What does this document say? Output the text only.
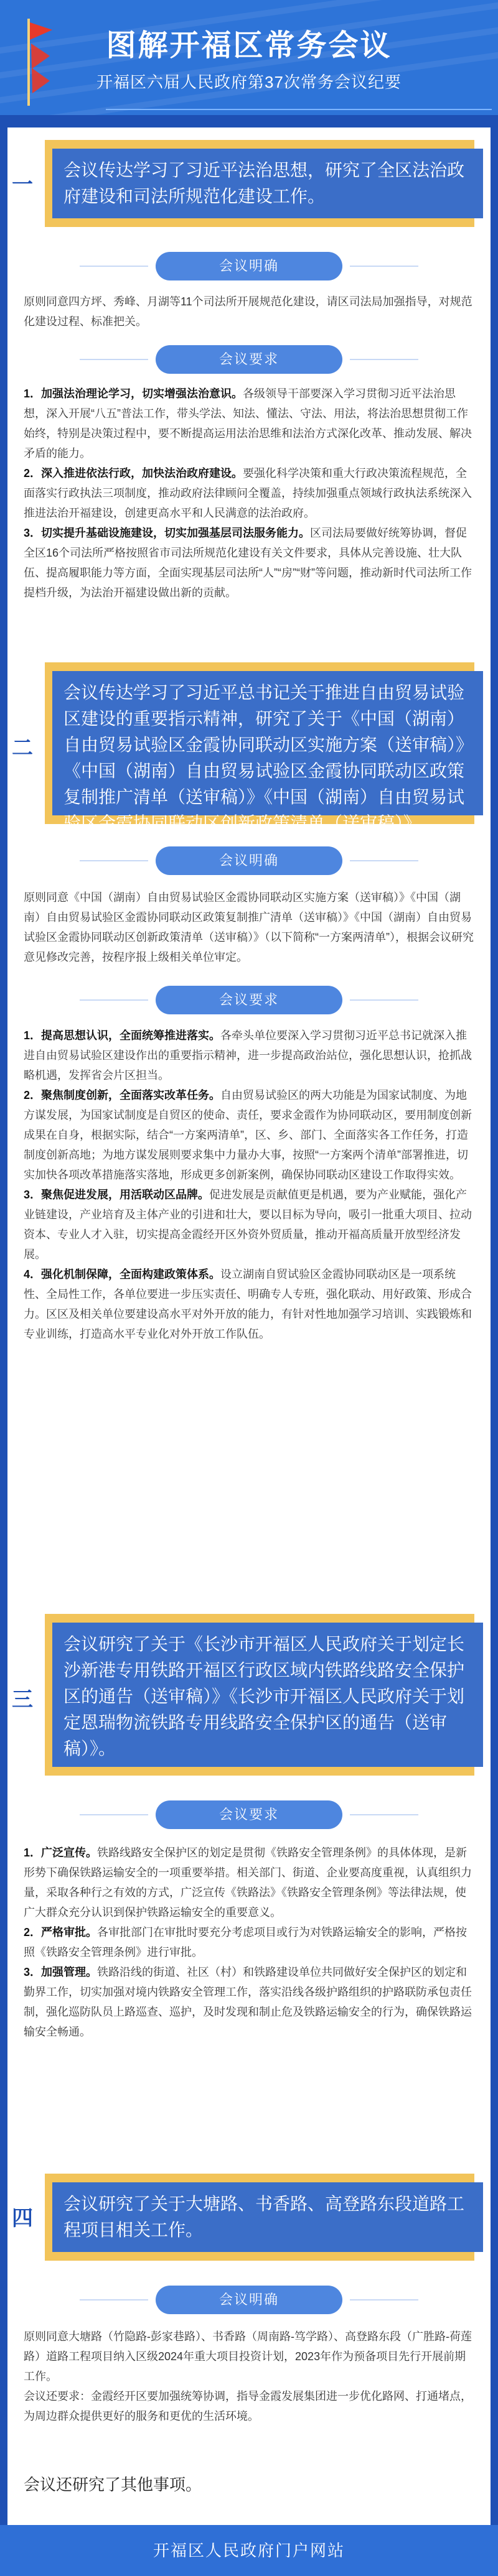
图解开福区常务会议
开福区六届人民政府第37次常务会议纪要
一
会议传达学习了习近平法治思想，研究了全区法治政府建设和司法所规范化建设工作。
会议明确
原则同意四方坪、秀峰、月湖等11个司法所开展规范化建设，请区司法局加强指导，对规范化建设过程、标准把关。
会议要求
1．加强法治理论学习，切实增强法治意识。各级领导干部要深入学习贯彻习近平法治思想，深入开展“八五”普法工作，带头学法、知法、懂法、守法、用法，将法治思想贯彻工作始终，特别是决策过程中，要不断提高运用法治思维和法治方式深化改革、推动发展、解决矛盾的能力。
2．深入推进依法行政，加快法治政府建设。要强化科学决策和重大行政决策流程规范，全面落实行政执法三项制度，推动政府法律顾问全覆盖，持续加强重点领域行政执法系统深入推进法治开福建设，创建更高水平和人民满意的法治政府。
3．切实提升基础设施建设，切实加强基层司法服务能力。区司法局要做好统筹协调，督促全区16个司法所严格按照省市司法所规范化建设有关文件要求，具体从完善设施、壮大队伍、提高履职能力等方面，全面实现基层司法所“人”“房”“财”等问题，推动新时代司法所工作提档升级，为法治开福建设做出新的贡献。
二
会议传达学习了习近平总书记关于推进自由贸易试验区建设的重要指示精神，研究了关于《中国（湖南）自由贸易试验区金霞协同联动区实施方案（送审稿）》《中国（湖南）自由贸易试验区金霞协同联动区政策复制推广清单（送审稿）》《中国（湖南）自由贸易试验区金霞协同联动区创新政策清单（送审稿）》。
会议明确
原则同意《中国（湖南）自由贸易试验区金霞协同联动区实施方案（送审稿）》《中国（湖南）自由贸易试验区金霞协同联动区政策复制推广清单（送审稿）》《中国（湖南）自由贸易试验区金霞协同联动区创新政策清单（送审稿）》（以下简称“一方案两清单”），根据会议研究意见修改完善，按程序报上级相关单位审定。
会议要求
1．提高思想认识，全面统筹推进落实。各牵头单位要深入学习贯彻习近平总书记就深入推进自由贸易试验区建设作出的重要指示精神，进一步提高政治站位，强化思想认识，抢抓战略机遇，发挥省会片区担当。
2．聚焦制度创新，全面落实改革任务。自由贸易试验区的两大功能是为国家试制度、为地方谋发展，为国家试制度是自贸区的使命、责任，要求金霞作为协同联动区，要用制度创新成果在自身，根据实际，结合“一方案两清单”，区、乡、部门、全面落实各工作任务，打造制度创新高地；为地方谋发展则要求集中力量办大事，按照“一方案两个清单”部署推进，切实加快各项改革措施落实落地，形成更多创新案例，确保协同联动区建设工作取得实效。
3．聚焦促进发展，用活联动区品牌。促进发展是贡献值更是机遇，要为产业赋能，强化产业链建设，产业培育及主体产业的引进和壮大，要以目标为导向，吸引一批重大项目、拉动资本、专业人才入驻，切实提高金霞经开区外资外贸质量，推动开福高质量开放型经济发展。
4．强化机制保障，全面构建政策体系。设立湖南自贸试验区金霞协同联动区是一项系统性、全局性工作，各单位要进一步压实责任、明确专人专班，强化联动、用好政策、形成合力。区区及相关单位要建设高水平对外开放的能力，有针对性地加强学习培训、实践锻炼和专业训练，打造高水平专业化对外开放工作队伍。
三
会议研究了关于《长沙市开福区人民政府关于划定长沙新港专用铁路开福区行政区域内铁路线路安全保护区的通告（送审稿）》《长沙市开福区人民政府关于划定恩瑞物流铁路专用线路安全保护区的通告（送审稿）》。
会议要求
1．广泛宣传。铁路线路安全保护区的划定是贯彻《铁路安全管理条例》的具体体现，是新形势下确保铁路运输安全的一项重要举措。相关部门、街道、企业要高度重视，认真组织力量，采取各种行之有效的方式，广泛宣传《铁路法》《铁路安全管理条例》等法律法规，使广大群众充分认识到保护铁路运输安全的重要意义。
2．严格审批。各审批部门在审批时要充分考虑项目或行为对铁路运输安全的影响，严格按照《铁路安全管理条例》进行审批。
3．加强管理。铁路沿线的街道、社区（村）和铁路建设单位共同做好安全保护区的划定和勤界工作，切实加强对境内铁路安全管理工作，落实沿线各级护路组织的护路联防承包责任制，强化巡防队员上路巡查、巡护，及时发现和制止危及铁路运输安全的行为，确保铁路运输安全畅通。
四
会议研究了关于大塘路、书香路、高登路东段道路工程项目相关工作。
会议明确
原则同意大塘路（竹隐路-彭家巷路）、书香路（周南路-笃学路）、高登路东段（广胜路-荷莲路）道路工程项目纳入区级2024年重大项目投资计划，2023年作为预备项目先行开展前期工作。
会议还要求：金霞经开区要加强统筹协调，指导金霞发展集团进一步优化路网、打通堵点，为周边群众提供更好的服务和更优的生活环境。
会议还研究了其他事项。
开福区人民政府门户网站
